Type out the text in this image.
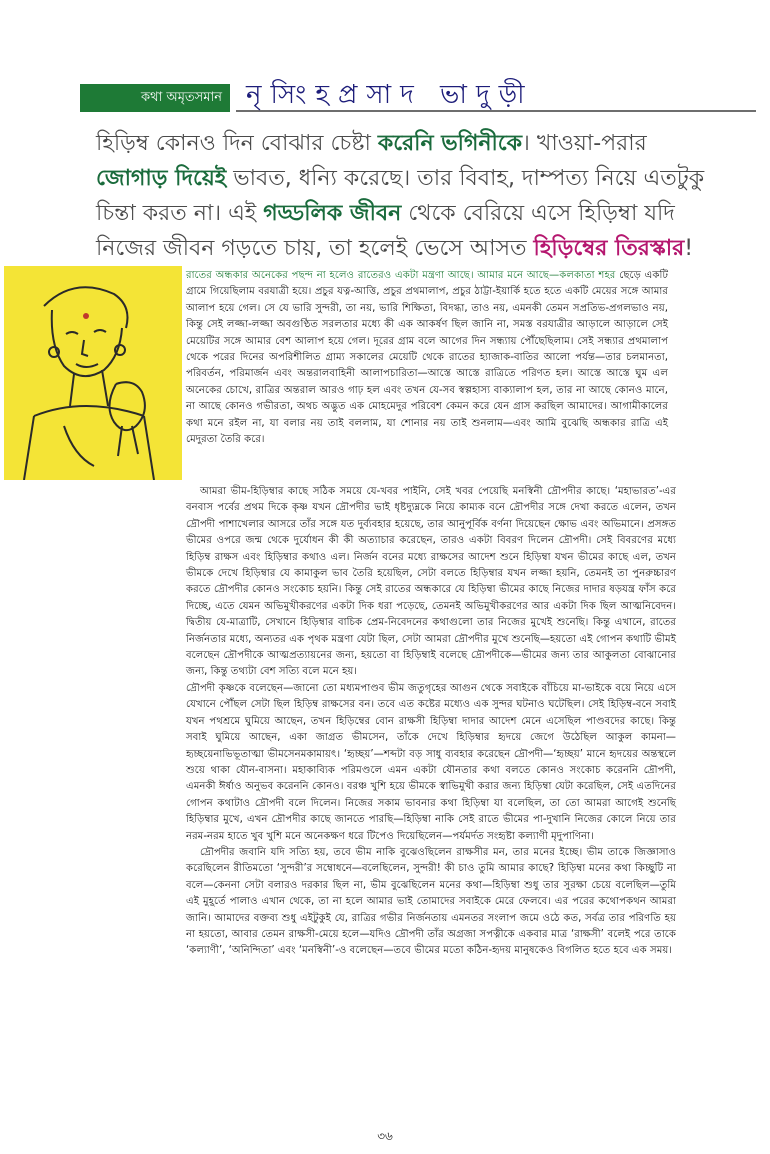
কথা অমৃতসমান নৃসিংহপ্রসাদ ভাদুড়ী
হিড়িম্ব কোনও দিন বোঝার চেষ্টা করেনি ভগিনীকে। খাওয়া-পরার জোগাড় দিয়েই ভাবত, ধন্যি করেছে। তার বিবাহ, দাম্পত্য নিয়ে এতটুকু চিন্তা করত না। এই গড্ডলিক জীবন থেকে বেরিয়ে এসে হিড়িম্বা যদি নিজের জীবন গড়তে চায়, তা হলেই ভেসে আসত হিড়িম্বের তিরস্কার!

রাতের অন্ধকার অনেকের পছন্দ না হলেও রাতেরও একটা মন্ত্রণা আছে। আমার মনে আছে—কলকাতা শহর ছেড়ে একটি গ্রামে গিয়েছিলাম বরযাত্রী হয়ে। প্রচুর যত্ন-আত্তি, প্রচুর প্রথমালাপ, প্রচুর ঠাট্টা-ইয়ার্কি হতে হতে একটি মেয়ের সঙ্গে আমার আলাপ হয়ে গেল। সে যে ভারি সুন্দরী, তা নয়, ভারি শিক্ষিতা, বিদগ্ধা, তাও নয়, এমনকী তেমন সপ্রতিভ-প্রগলভাও নয়, কিন্তু সেই লজ্জা-লজ্জা অবগুণ্ঠিত সরলতার মধ্যে কী এক আকর্ষণ ছিল জানি না, সমস্ত বরযাত্রীর আড়ালে আড়ালে সেই মেয়েটির সঙ্গে আমার বেশ আলাপ হয়ে গেল। দূরের গ্রাম বলে আগের দিন সন্ধ্যায় পৌঁছেছিলাম। সেই সন্ধ্যার প্রথমালাপ থেকে পরের দিনের অপরিশীলিত গ্রাম্য সকালের মেয়েটি থেকে রাতের হ্যাজাক-বাতির আলো পর্যন্ত—তার চলমানতা, পরিবর্তন, পরিমার্জন এবং অন্তরালবাহিনী আলাপচারিতা—আস্তে আস্তে রাত্রিতে পরিণত হল। আস্তে আস্তে ঘুম এল অনেকের চোখে, রাত্রির অন্তরাল আরও গাঢ় হল এবং তখন যে-সব স্বল্পহাস্য বাক্যালাপ হল, তার না আছে কোনও মানে, না আছে কোনও গভীরতা, অথচ অদ্ভুত এক মোহমেদুর পরিবেশ কেমন করে যেন গ্রাস করছিল আমাদের। আগামীকালের কথা মনে রইল না, যা বলার নয় তাই বললাম, যা শোনার নয় তাই শুনলাম—এবং আমি বুঝেছি অন্ধকার রাত্রি এই মেদুরতা তৈরি করে।

আমরা ভীম-হিড়িম্বার কাছে সঠিক সময়ে যে-খবর পাইনি, সেই খবর পেয়েছি মনস্বিনী দ্রৌপদীর কাছে। ‘মহাভারত’-এর বনবাস পর্বের প্রথম দিকে কৃষ্ণ যখন দ্রৌপদীর ভাই ধৃষ্টদ্যুম্নকে নিয়ে কাম্যক বনে দ্রৌপদীর সঙ্গে দেখা করতে এলেন, তখন দ্রৌপদী পাশাখেলার আসরে তাঁর সঙ্গে যত দুর্ব্যবহার হয়েছে, তার আনুপূর্বিক বর্ণনা দিয়েছেন ক্ষোভ এবং অভিমানে। প্রসঙ্গত ভীমের ওপরে জন্ম থেকে দুর্যোধন কী কী অত্যাচার করেছেন, তারও একটা বিবরণ দিলেন দ্রৌপদী। সেই বিবরণের মধ্যে হিড়িম্ব রাক্ষস এবং হিড়িম্বার কথাও এল। নির্জন বনের মধ্যে রাক্ষসের আদেশ শুনে হিড়িম্বা যখন ভীমের কাছে এল, তখন ভীমকে দেখে হিড়িম্বার যে কামাকুল ভাব তৈরি হয়েছিল, সেটা বলতে হিড়িম্বার যখন লজ্জা হয়নি, তেমনই তা পুনরুচ্চারণ করতে দ্রৌপদীর কোনও সংকোচ হয়নি। কিন্তু সেই রাতের অন্ধকারে যে হিড়িম্বা ভীমের কাছে নিজের দাদার ষড়যন্ত্র ফাঁস করে দিচ্ছে, এতে যেমন অভিমুখীকরণের একটা দিক ধরা পড়েছে, তেমনই অভিমুখীকরণের আর একটা দিক ছিল আত্মনিবেদন। দ্বিতীয় যে-মাত্রাটি, সেখানে হিড়িম্বার বাচিক প্রেম-নিবেদনের কথাগুলো তার নিজের মুখেই শুনেছি। কিন্তু এখানে, রাতের নির্জনতার মধ্যে, অন্যতর এক পৃথক মন্ত্রণা যেটা ছিল, সেটা আমরা দ্রৌপদীর মুখে শুনেছি—হয়তো এই গোপন কথাটি ভীমই বলেছেন দ্রৌপদীকে আত্মপ্রত্যায়নের জন্য, হয়তো বা হিড়িম্বাই বলেছে দ্রৌপদীকে—ভীমের জন্য তার আকুলতা বোঝানোর জন্য, কিন্তু তথ্যটা বেশ সত্যি বলে মনে হয়।

দ্রৌপদী কৃষ্ণকে বলেছেন—জানো তো মধ্যমপাণ্ডব ভীম জতুগৃহের আগুন থেকে সবাইকে বাঁচিয়ে মা-ভাইকে বয়ে নিয়ে এসে যেখানে পৌঁছল সেটা ছিল হিড়িম্ব রাক্ষসের বন। তবে এত কষ্টের মধ্যেও এক সুন্দর ঘটনাও ঘটেছিল। সেই হিড়িম্ব-বনে সবাই যখন পথশ্রমে ঘুমিয়ে আছেন, তখন হিড়িম্বের বোন রাক্ষসী হিড়িম্বা দাদার আদেশ মেনে এসেছিল পাণ্ডবদের কাছে। কিন্তু সবাই ঘুমিয়ে আছেন, একা জাগ্রত ভীমসেন, তাঁকে দেখে হিড়িম্বার হৃদয়ে জেগে উঠেছিল আকুল কামনা— হৃচ্ছয়েনাভিভূতাত্মা ভীমসেনমকামায়ৎ। ‘হৃচ্ছয়’—শব্দটা বড় সাধু ব্যবহার করেছেন দ্রৌপদী—‘হৃচ্ছয়’ মানে হৃদয়ের অন্তস্থলে শুয়ে থাকা যৌন-বাসনা। মহাকাব্যিক পরিমণ্ডলে এমন একটা যৌনতার কথা বলতে কোনও সংকোচ করেননি দ্রৌপদী, এমনকী ঈর্ষাও অনুভব করেননি কোনও। বরঞ্চ খুশি হয়ে ভীমকে স্বাভিমুখী করার জন্য হিড়িম্বা যেটা করেছিল, সেই এতদিনের গোপন কথাটাও দ্রৌপদী বলে দিলেন। নিজের সকাম ভাবনার কথা হিড়িম্বা যা বলেছিল, তা তো আমরা আগেই শুনেছি হিড়িম্বার মুখে, এখন দ্রৌপদীর কাছে জানতে পারছি—হিড়িম্বা নাকি সেই রাতে ভীমের পা-দুখানি নিজের কোলে নিয়ে তার নরম-নরম হাতে খুব খুশি মনে অনেকক্ষণ ধরে টিপেও দিয়েছিলেন—পর্যমর্দত সংহৃষ্টা কল্যাণী মৃদুপাণিনা।

দ্রৌপদীর জবানি যদি সত্যি হয়, তবে ভীম নাকি বুঝেওছিলেন রাক্ষসীর মন, তার মনের ইচ্ছে। ভীম তাকে জিজ্ঞাসাও করেছিলেন রীতিমতো ‘সুন্দরী’র সম্বোধনে—বলেছিলেন, সুন্দরী! কী চাও তুমি আমার কাছে? হিড়িম্বা মনের কথা কিচ্ছুটি না বলে—কেননা সেটা বলারও দরকার ছিল না, ভীম বুঝেছিলেন মনের কথা—হিড়িম্বা শুধু তার সুরক্ষা চেয়ে বলেছিল—তুমি এই মুহূর্তে পালাও এখান থেকে, তা না হলে আমার ভাই তোমাদের সবাইকে মেরে ফেলবে। এর পরের কথোপকথন আমরা জানি। আমাদের বক্তব্য শুধু এইটুকুই যে, রাত্রির গভীর নির্জনতায় এমনতর সংলাপ জমে ওঠে কত, সর্বত্র তার পরিণতি হয় না হয়তো, আবার তেমন রাক্ষসী-মেয়ে হলে—যদিও দ্রৌপদী তাঁর অগ্রজা সপত্নীকে একবার মাত্র ‘রাক্ষসী’ বলেই পরে তাকে ‘কল্যাণী’, ‘অনিন্দিতা’ এবং ‘মনস্বিনী’-ও বলেছেন—তবে ভীমের মতো কঠিন-হৃদয় মানুষকেও বিগলিত হতে হবে এক সময়।

৩৬
